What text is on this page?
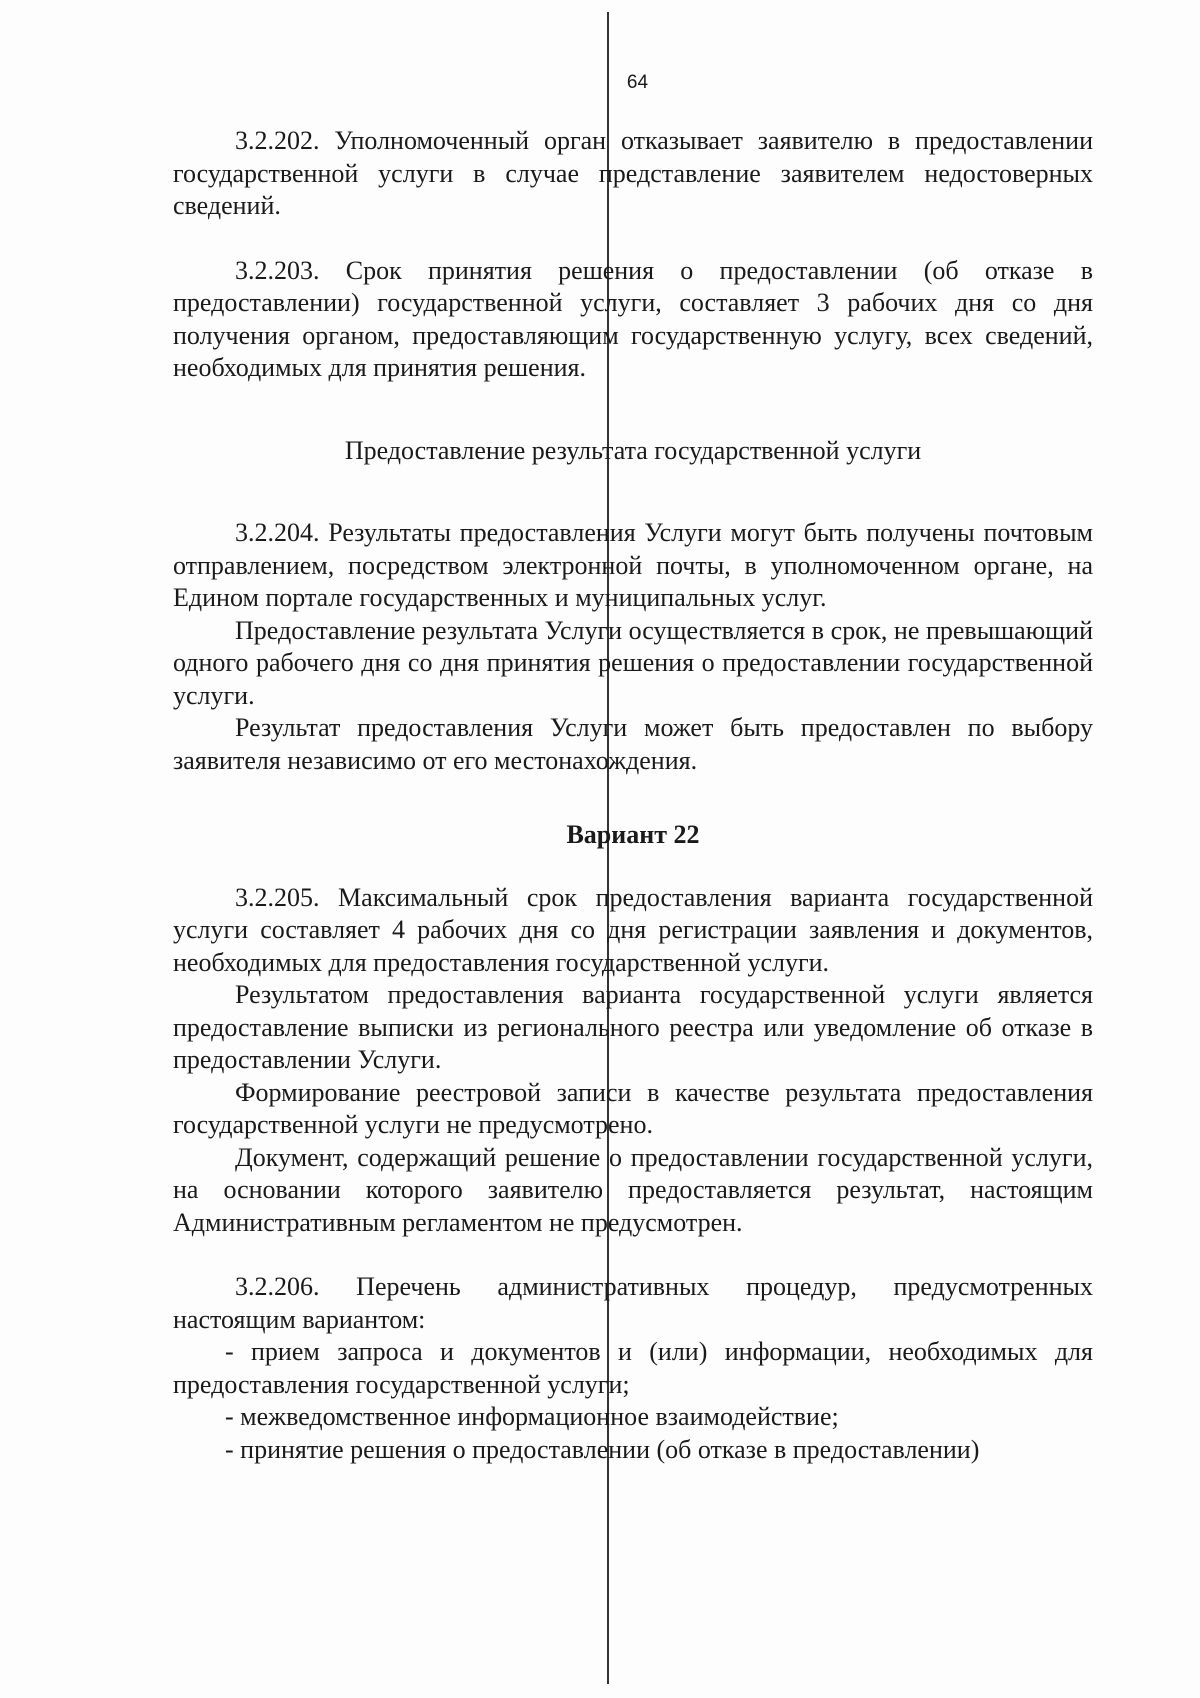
64

3.2.202. Уполномоченный орган отказывает заявителю в предоставлении государственной услуги в случае представление заявителем недостоверных сведений.

3.2.203. Срок принятия решения о предоставлении (об отказе в предоставлении) государственной услуги, составляет 3 рабочих дня со дня получения органом, предоставляющим государственную услугу, всех сведений, необходимых для принятия решения.

Предоставление результата государственной услуги

3.2.204. Результаты предоставления Услуги могут быть получены почтовым отправлением, посредством электронной почты, в уполномоченном органе, на Едином портале государственных и муниципальных услуг.

Предоставление результата Услуги осуществляется в срок, не превышающий одного рабочего дня со дня принятия решения о предоставлении государственной услуги.

Результат предоставления Услуги может быть предоставлен по выбору заявителя независимо от его местонахождения.

Вариант 22

3.2.205. Максимальный срок предоставления варианта государственной услуги составляет 4 рабочих дня со дня регистрации заявления и документов, необходимых для предоставления государственной услуги.

Результатом предоставления варианта государственной услуги является предоставление выписки из регионального реестра или уведомление об отказе в предоставлении Услуги.

Формирование реестровой записи в качестве результата предоставления государственной услуги не предусмотрено.

Документ, содержащий решение о предоставлении государственной услуги, на основании которого заявителю предоставляется результат, настоящим Административным регламентом не предусмотрен.

3.2.206. Перечень административных процедур, предусмотренных настоящим вариантом:

- прием запроса и документов и (или) информации, необходимых для предоставления государственной услуги;

- межведомственное информационное взаимодействие;

- принятие решения о предоставлении (об отказе в предоставлении)
